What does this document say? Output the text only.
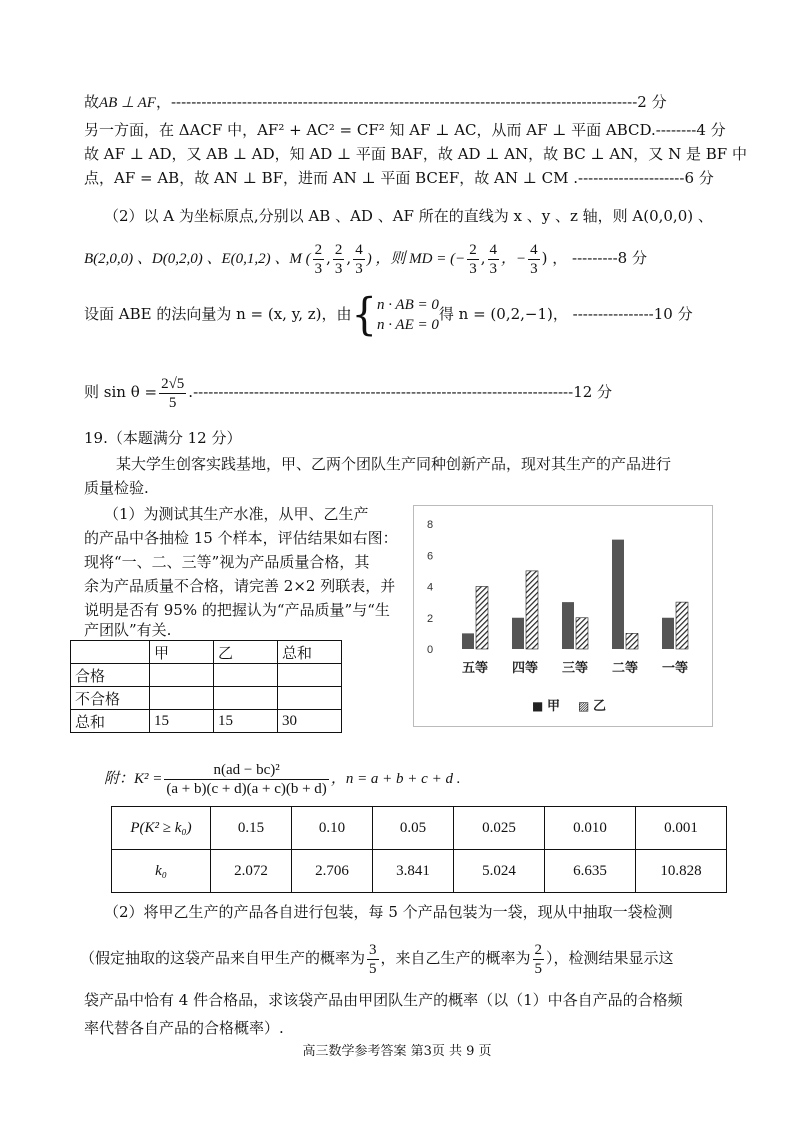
故AB ⊥ AF，--------------------------------------------------------------------------------------------2 分
另一方面，在 ΔACF 中，AF² + AC² = CF² 知 AF ⊥ AC，从而 AF ⊥ 平面 ABCD.--------4 分
故 AF ⊥ AD，又 AB ⊥ AD，知 AD ⊥ 平面 BAF，故 AD ⊥ AN，故 BC ⊥ AN，又 N 是 BF 中
点，AF = AB，故 AN ⊥ BF，进而 AN ⊥ 平面 BCEF，故 AN ⊥ CM .---------------------6 分
（2）以 A 为坐标原点,分别以 AB 、AD 、AF 所在的直线为 x 、y 、z 轴，则 A(0,0,0) 、
B(2,0,0) 、D(0,2,0) 、E(0,1,2) 、M ( $\frac{2}{3}$ , $\frac{2}{3}$ , $\frac{4}{3}$ ) ，则 MD = (− $\frac{2}{3}$ , $\frac{4}{3}$ ，− $\frac{4}{3}$ ) ， ---------8 分
设面 ABE 的法向量为 n = (x, y, z)，由{ n · AB = 0
n · AE = 0
得 n = (0,2,−1)， ----------------10 分
则 $\sin \theta = \frac{2√5}{5} .---------------------------------------------------------------------------12$ 分
19.（本题满分 12 分）
某大学生创客实践基地，甲、乙两个团队生产同种创新产品，现对其生产的产品进行
质量检验.
（1）为测试其生产水准，从甲、乙生产
的产品中各抽检 15 个样本，评估结果如右图：
现将“一、二、三等”视为产品质量合格，其
余为产品质量不合格，请完善 2×2 列联表，并
说明是否有 95% 的把握认为“产品质量”与“生
产团队”有关.
	甲	乙	总和
合格			
不合格			
总和	15	15	30
0
2
4
6
8
五等 四等 三等 二等 一等
■ 甲 ▨ 乙
附：$K^2 = \frac{\text{n(ad − bc)²}}{(a + b)(c + d)(a + c)(b + d)}$ ，n = a + b + c + d .
P(K² ≥ k₀)	0.15	0.10	0.05	0.025	0.010	0.001
k₀	2.072	2.706	3.841	5.024	6.635	10.828
（2）将甲乙生产的产品各自进行包装，每 5 个产品包装为一袋，现从中抽取一袋检测
（假定抽取的这袋产品来自甲生产的概率为 $\frac{3}{5}$ ，来自乙生产的概率为 $\frac{2}{5}$ ），检测结果显示这
袋产品中恰有 4 件合格品，求该袋产品由甲团队生产的概率（以（1）中各自产品的合格频
率代替各自产品的合格概率）.
高三数学参考答案 第3页 共 9 页
